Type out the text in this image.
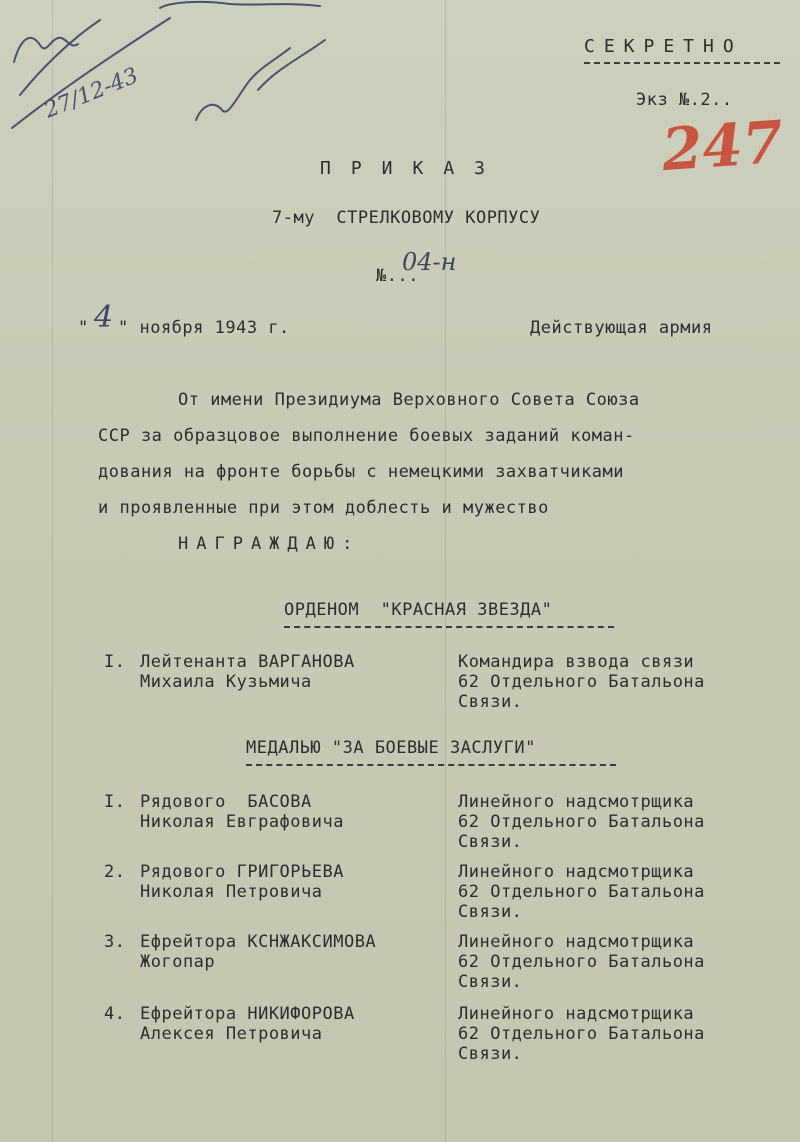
27/12-43
247
СЕКРЕТНО
Экз №.2..
ПРИКАЗ
7-му  СТРЕЛКОВОМУ КОРПУСУ
№...
04-н
" 4 " ноября 1943 г.	Действующая армия
От имени Президиума Верховного Совета Союза
ССР за образцовое выполнение боевых заданий коман-
дования на фронте борьбы с немецкими захватчиками
и проявленные при этом доблесть и мужество
НАГРАЖДАЮ:
ОРДЕНОМ  "КРАСНАЯ ЗВЕЗДА"
I. Лейтенанта ВАРГАНОВА
Михаила Кузьмича
Командира взвода связи
62 Отдельного Батальона
Связи.
МЕДАЛЬЮ "ЗА БОЕВЫЕ ЗАСЛУГИ"
I. Рядового  БАСОВА
Николая Евграфовича
Линейного надсмотрщика
62 Отдельного Батальона
Связи.
2. Рядового ГРИГОРЬЕВА
Николая Петровича
Линейного надсмотрщика
62 Отдельного Батальона
Связи.
3. Ефрейтора КСНЖАКСИМОВА
Жогопар
Линейного надсмотрщика
62 Отдельного Батальона
Связи.
4. Ефрейтора НИКИФОРОВА
Алексея Петровича
Линейного надсмотрщика
62 Отдельного Батальона
Связи.
